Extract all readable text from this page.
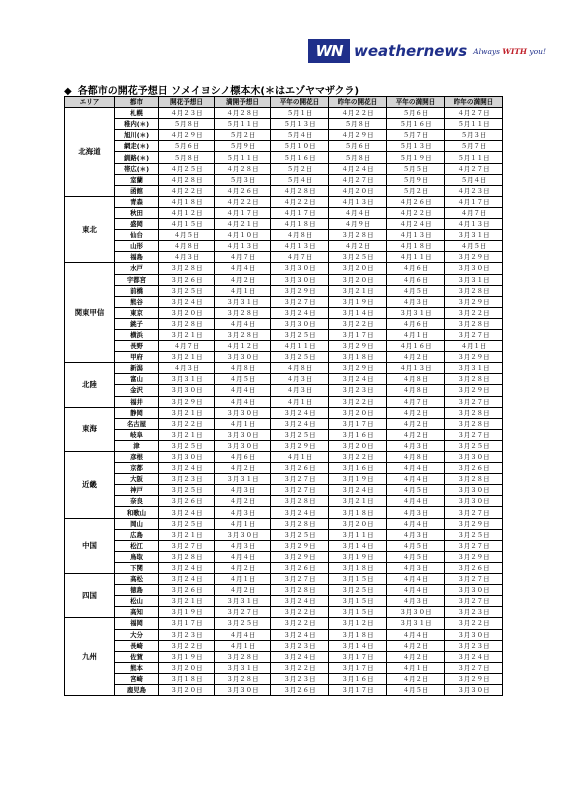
WN weathernews Always WITH you!
◆ 各都市の開花予想日 ソメイヨシノ標本木(＊はエゾヤマザクラ)
エリア	都市	開花予想日	満開予想日	平年の開花日	昨年の開花日	平年の満開日	昨年の満開日
北海道	札幌	４月２３日	４月２８日	５月１日	４月２２日	５月６日	４月２７日
	稚内(＊)	５月８日	５月１１日	５月１３日	５月８日	５月１６日	５月１１日
	旭川(＊)	４月２９日	５月２日	５月４日	４月２９日	５月７日	５月３日
	網走(＊)	５月６日	５月９日	５月１０日	５月６日	５月１３日	５月７日
	釧路(＊)	５月８日	５月１１日	５月１６日	５月８日	５月１９日	５月１１日
	帯広(＊)	４月２５日	４月２８日	５月２日	４月２４日	５月５日	４月２７日
	室蘭	４月２８日	５月３日	５月４日	４月２７日	５月９日	５月４日
	函館	４月２２日	４月２６日	４月２８日	４月２０日	５月２日	４月２３日
東北	青森	４月１８日	４月２２日	４月２２日	４月１３日	４月２６日	４月１７日
	秋田	４月１２日	４月１７日	４月１７日	４月４日	４月２２日	４月７日
	盛岡	４月１５日	４月２１日	４月１８日	４月９日	４月２４日	４月１３日
	仙台	４月５日	４月１０日	４月８日	３月２８日	４月１３日	３月３１日
	山形	４月８日	４月１３日	４月１３日	４月２日	４月１８日	４月５日
	福島	４月３日	４月７日	４月７日	３月２５日	４月１１日	３月２９日
関東甲信	水戸	３月２８日	４月４日	３月３０日	３月２０日	４月６日	３月３０日
	宇都宮	３月２６日	４月２日	３月３０日	３月２０日	４月６日	３月３１日
	前橋	３月２５日	４月１日	３月２９日	３月２１日	４月５日	３月２８日
	熊谷	３月２４日	３月３１日	３月２７日	３月１９日	４月３日	３月２９日
	東京	３月２０日	３月２８日	３月２４日	３月１４日	３月３１日	３月２２日
	銚子	３月２８日	４月４日	３月３０日	３月２２日	４月６日	３月２８日
	横浜	３月２１日	３月２８日	３月２５日	３月１７日	４月１日	３月２７日
	長野	４月７日	４月１２日	４月１１日	３月２９日	４月１６日	４月１日
	甲府	３月２１日	３月３０日	３月２５日	３月１８日	４月２日	３月２９日
北陸	新潟	４月３日	４月８日	４月８日	３月２９日	４月１３日	３月３１日
	富山	３月３１日	４月５日	４月３日	３月２４日	４月８日	３月２８日
	金沢	３月３０日	４月４日	４月３日	３月２３日	４月８日	３月２９日
	福井	３月２９日	４月４日	４月１日	３月２２日	４月７日	３月２７日
東海	静岡	３月２１日	３月３０日	３月２４日	３月２０日	４月２日	３月２８日
	名古屋	３月２２日	４月１日	３月２４日	３月１７日	４月２日	３月２８日
	岐阜	３月２１日	３月３０日	３月２５日	３月１６日	４月２日	３月２７日
	津	３月２５日	３月３０日	３月２９日	３月２０日	４月３日	３月２５日
近畿	彦根	３月３０日	４月６日	４月１日	３月２２日	４月８日	３月３０日
	京都	３月２４日	４月２日	３月２６日	３月１６日	４月４日	３月２６日
	大阪	３月２３日	３月３１日	３月２７日	３月１９日	４月４日	３月２８日
	神戸	３月２５日	４月３日	３月２７日	３月２４日	４月５日	３月３０日
	奈良	３月２６日	４月２日	３月２８日	３月２１日	４月４日	３月３０日
	和歌山	３月２４日	４月３日	３月２４日	３月１８日	４月３日	３月２７日
中国	岡山	３月２５日	４月１日	３月２８日	３月２０日	４月４日	３月２９日
	広島	３月２１日	３月３０日	３月２５日	３月１１日	４月３日	３月２５日
	松江	３月２７日	４月３日	３月２９日	３月１４日	４月５日	３月２７日
	鳥取	３月２８日	４月４日	３月２９日	３月１９日	４月５日	３月２９日
	下関	３月２４日	４月２日	３月２６日	３月１８日	４月３日	３月２６日
四国	高松	３月２４日	４月１日	３月２７日	３月１５日	４月４日	３月２７日
	徳島	３月２６日	４月２日	３月２８日	３月２５日	４月４日	３月３０日
	松山	３月２１日	３月３１日	３月２４日	３月１５日	４月３日	３月２７日
	高知	３月１９日	３月２７日	３月２２日	３月１５日	３月３０日	３月２３日
九州	福岡	３月１７日	３月２５日	３月２２日	３月１２日	３月３１日	３月２２日
	大分	３月２３日	４月４日	３月２４日	３月１８日	４月４日	３月３０日
	長崎	３月２２日	４月１日	３月２３日	３月１４日	４月２日	３月２３日
	佐賀	３月１９日	３月２８日	３月２４日	３月１７日	４月２日	３月２４日
	熊本	３月２０日	３月３１日	３月２２日	３月１７日	４月１日	３月２７日
	宮崎	３月１８日	３月２８日	３月２３日	３月１６日	４月２日	３月２９日
	鹿児島	３月２０日	３月３０日	３月２６日	３月１７日	４月５日	３月３０日
